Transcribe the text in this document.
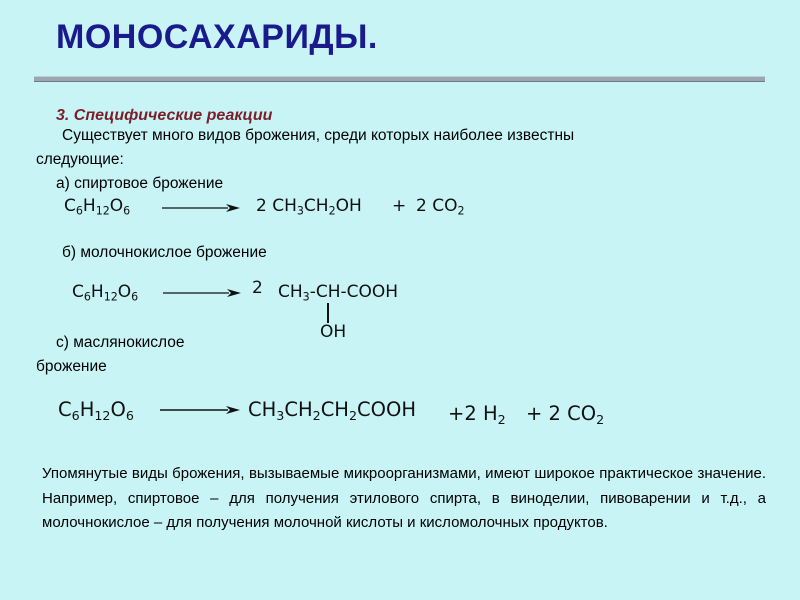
МОНОСАХАРИДЫ.
3. Специфические реакции
Существует много видов брожения, среди которых наиболее известны
следующие:
а) спиртовое брожение
$C_6H_{12}O_6$	2 $CH_3CH_2OH + 2$ $CO_2$
б) молочнокислое брожение
$C_6H_{12}O_6$	2 $CH_3-CH$-COOH
OH
с) маслянокислое
брожение
$C_6H_{12}O_6$	$CH_3CH_2CH_2COOH +2$ $H_2 + 2$ $CO_2$
Упомянутые виды брожения, вызываемые микроорганизмами, имеют широкое практическое значение. Например, спиртовое – для получения этилового спирта, в виноделии, пивоварении и т.д., а молочнокислое – для получения молочной кислоты и кисломолочных продуктов.
